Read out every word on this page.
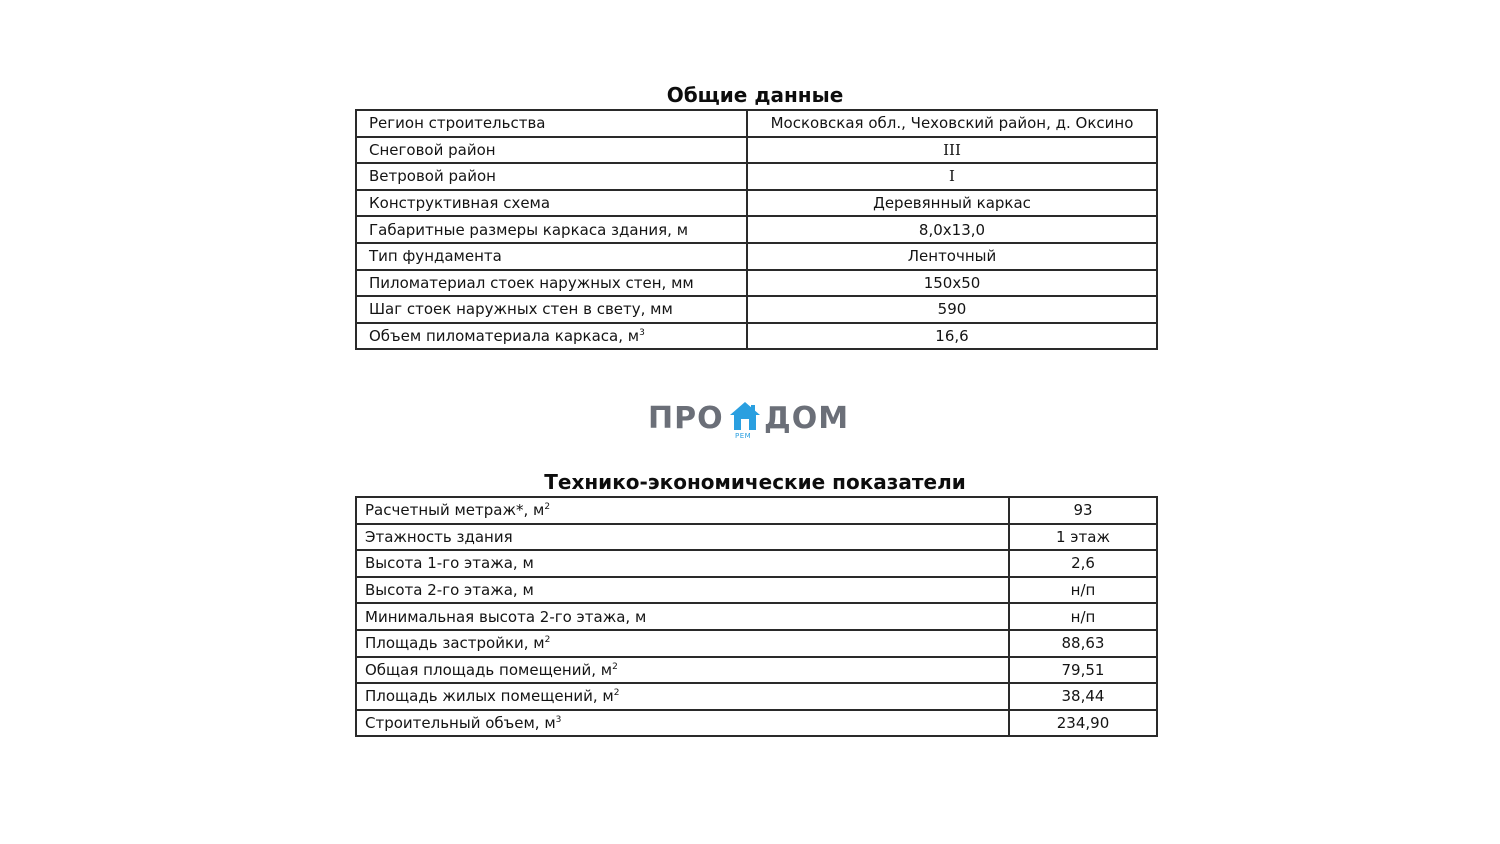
Общие данные
Регион строительства	Московская обл., Чеховский район, д. Оксино
Снеговой район	III
Ветровой район	I
Конструктивная схема	Деревянный каркас
Габаритные размеры каркаса здания, м	8,0х13,0
Тип фундамента	Ленточный
Пиломатериал стоек наружных стен, мм	150х50
Шаг стоек наружных стен в свету, мм	590
Объем пиломатериала каркаса, $м^3$	16,6
ПРО РЕМ ДОМ
Технико-экономические показатели
Расчетный метраж*, $м^2$	93
Этажность здания	1 этаж
Высота 1-го этажа, м	2,6
Высота 2-го этажа, м	н/п
Минимальная высота 2-го этажа, м	н/п
Площадь застройки, $м^2$	88,63
Общая площадь помещений, $м^2$	79,51
Площадь жилых помещений, $м^2$	38,44
Строительный объем, $м^3$	234,90
